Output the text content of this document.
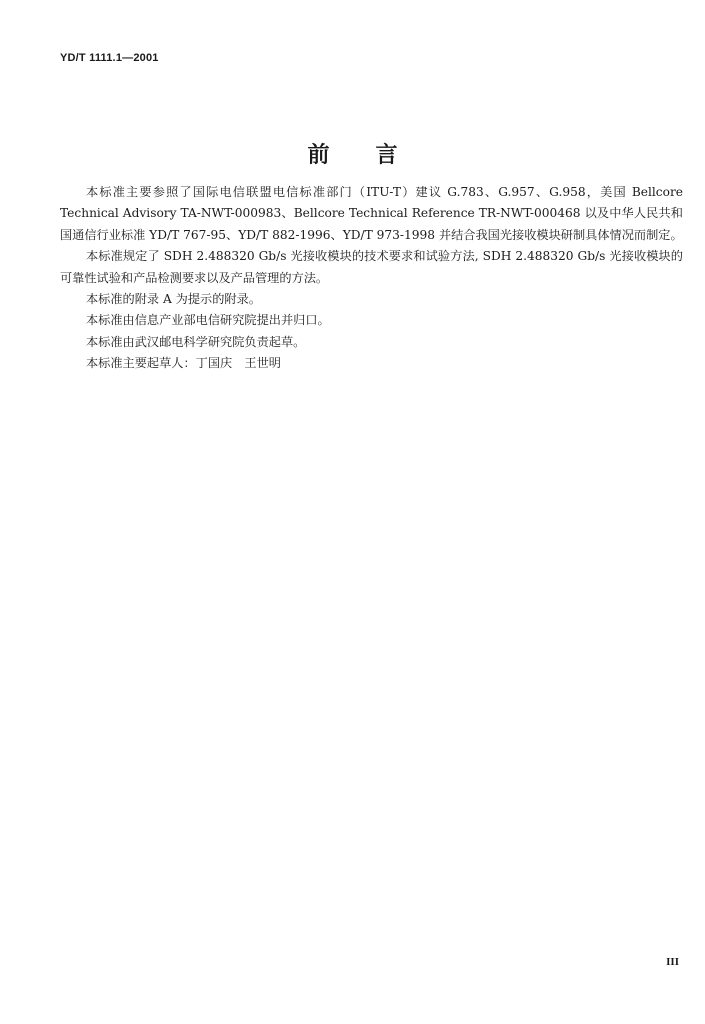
YD/T 1111.1—2001
前 言

本标准主要参照了国际电信联盟电信标准部门（ITU-T）建议 G.783、G.957、G.958，美国 Bellcore Technical Advisory TA-NWT-000983、Bellcore Technical Reference TR-NWT-000468 以及中华人民共和国通信行业标准 YD/T 767-95、YD/T 882-1996、YD/T 973-1998 并结合我国光接收模块研制具体情况而制定。

本标准规定了 SDH 2.488320 Gb/s 光接收模块的技术要求和试验方法, SDH 2.488320 Gb/s 光接收模块的可靠性试验和产品检测要求以及产品管理的方法。

本标准的附录 A 为提示的附录。

本标准由信息产业部电信研究院提出并归口。

本标准由武汉邮电科学研究院负责起草。

本标准主要起草人：丁国庆　王世明

III
